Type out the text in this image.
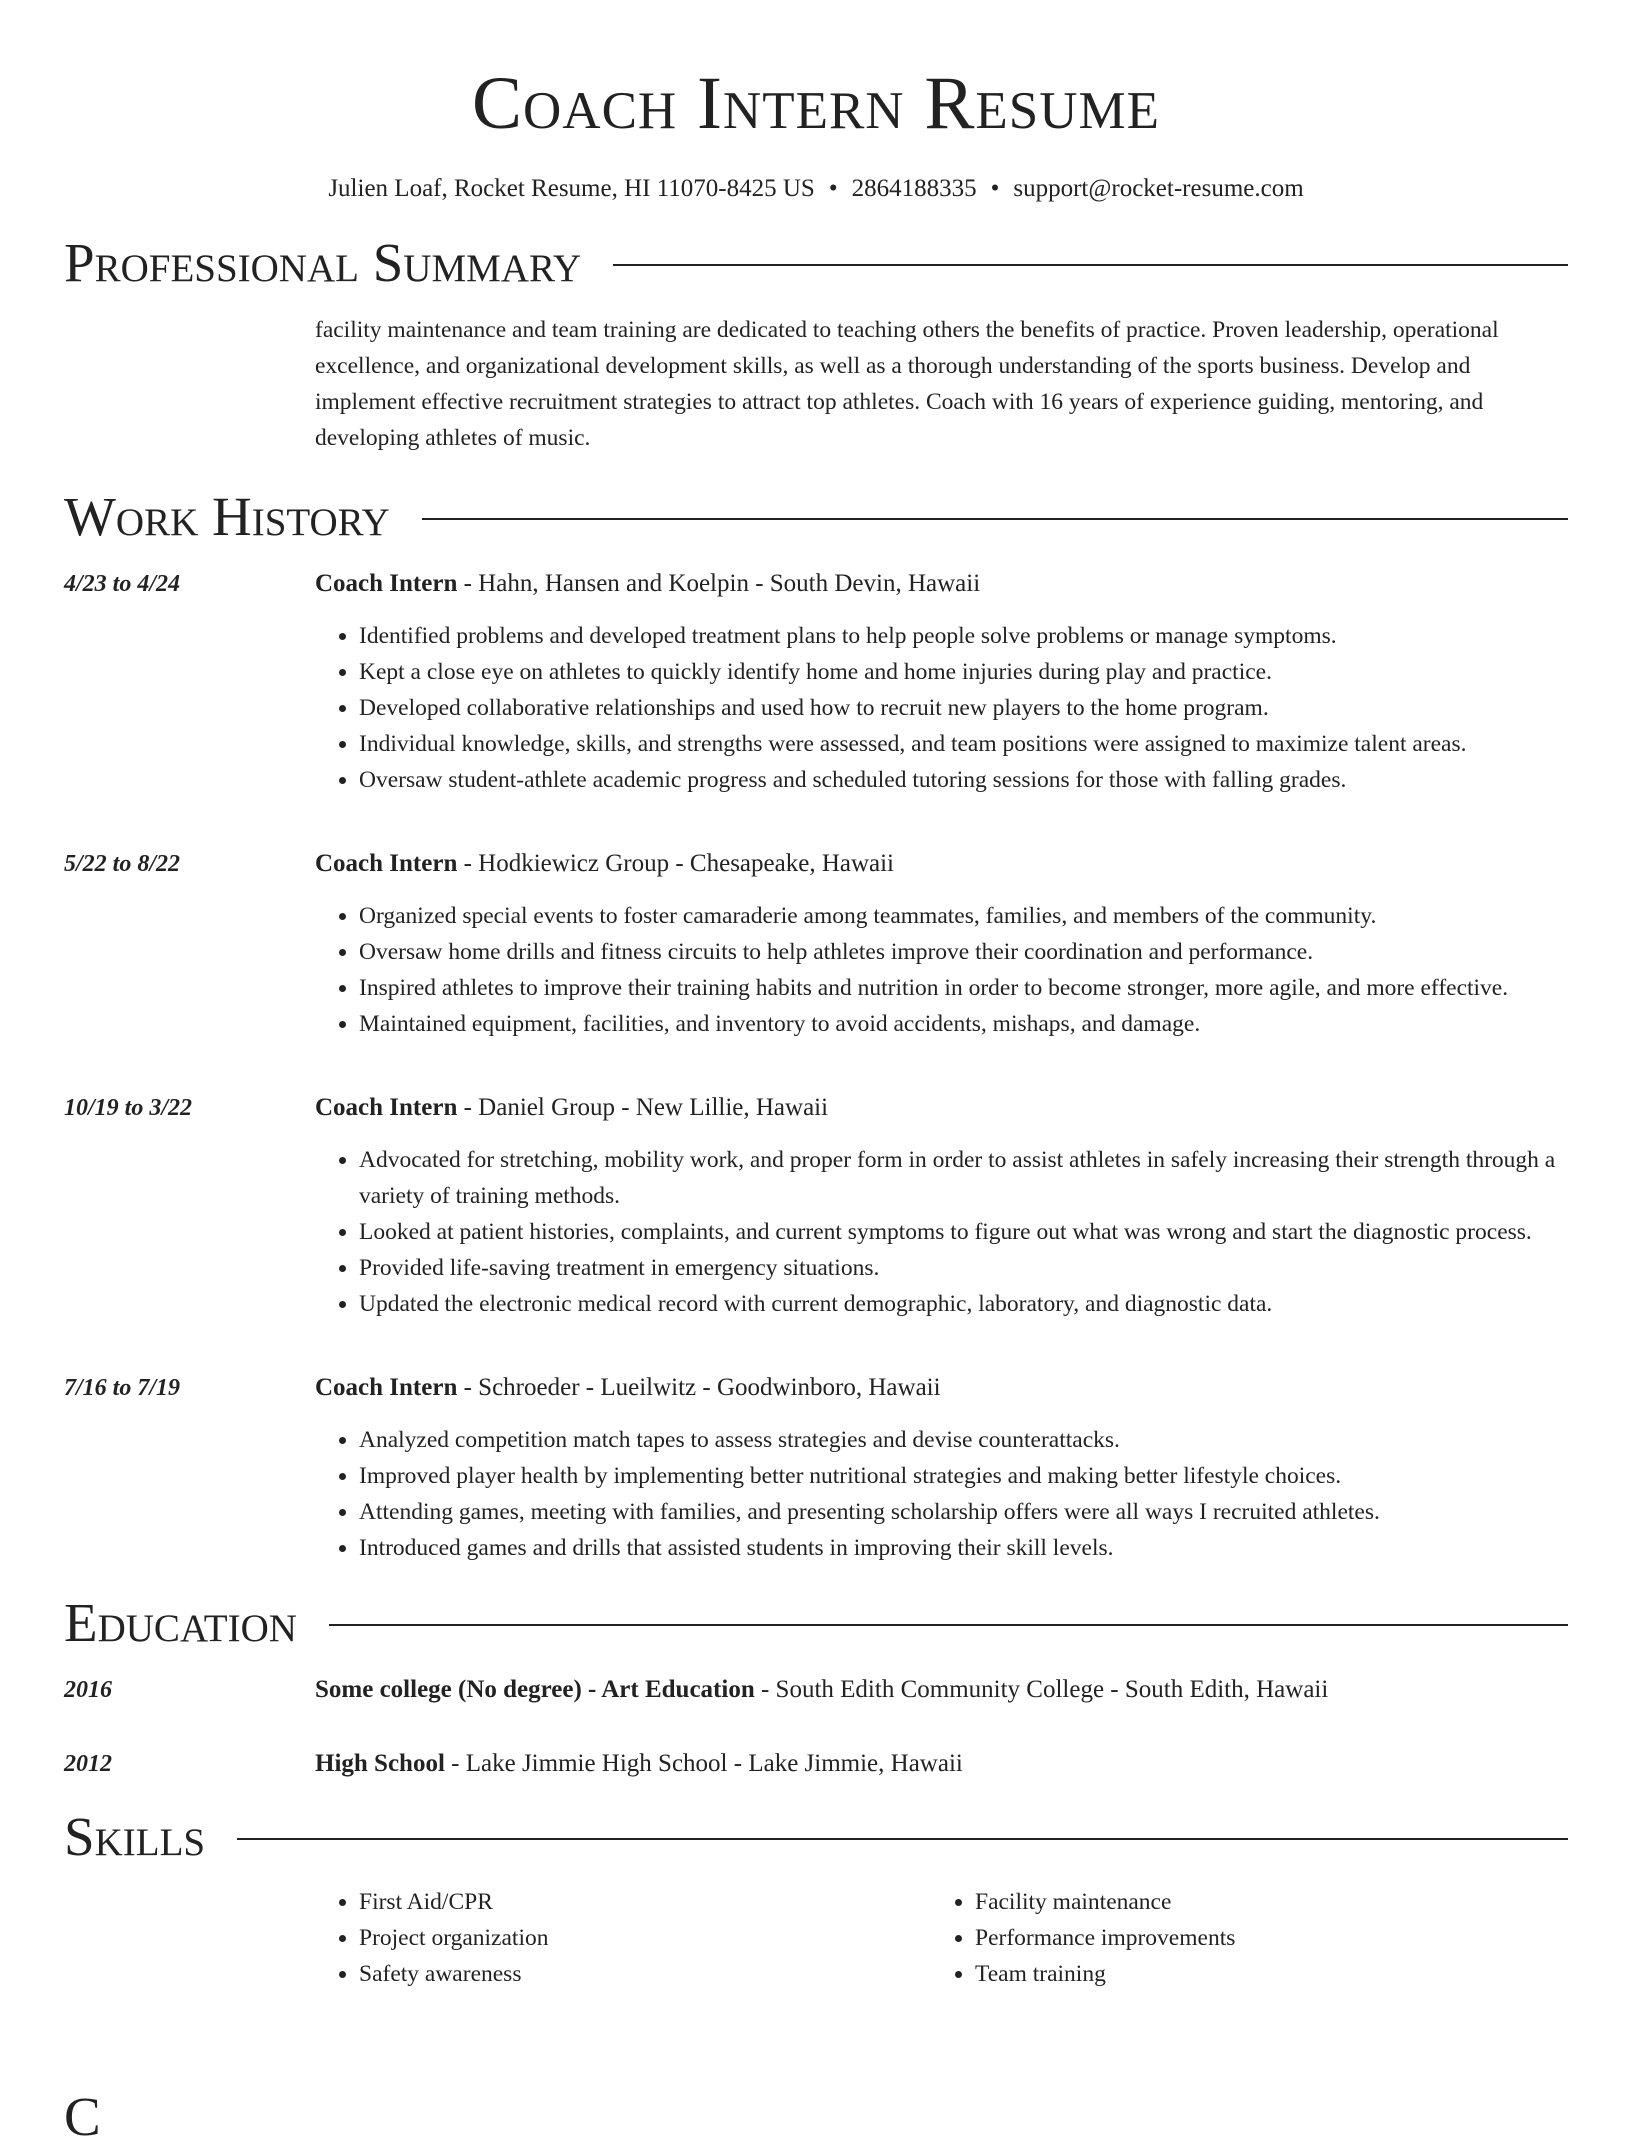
Coach Intern Resume
Julien Loaf, Rocket Resume, HI 11070-8425 US • 2864188335 • support@rocket-resume.com
Professional Summary
facility maintenance and team training are dedicated to teaching others the benefits of practice. Proven leadership, operational excellence, and organizational development skills, as well as a thorough understanding of the sports business. Develop and implement effective recruitment strategies to attract top athletes. Coach with 16 years of experience guiding, mentoring, and developing athletes of music.
Work History
4/23 to 4/24	Coach Intern - Hahn, Hansen and Koelpin - South Devin, Hawaii
• Identified problems and developed treatment plans to help people solve problems or manage symptoms.
• Kept a close eye on athletes to quickly identify home and home injuries during play and practice.
• Developed collaborative relationships and used how to recruit new players to the home program.
• Individual knowledge, skills, and strengths were assessed, and team positions were assigned to maximize talent areas.
• Oversaw student-athlete academic progress and scheduled tutoring sessions for those with falling grades.
5/22 to 8/22	Coach Intern - Hodkiewicz Group - Chesapeake, Hawaii
• Organized special events to foster camaraderie among teammates, families, and members of the community.
• Oversaw home drills and fitness circuits to help athletes improve their coordination and performance.
• Inspired athletes to improve their training habits and nutrition in order to become stronger, more agile, and more effective.
• Maintained equipment, facilities, and inventory to avoid accidents, mishaps, and damage.
10/19 to 3/22	Coach Intern - Daniel Group - New Lillie, Hawaii
• Advocated for stretching, mobility work, and proper form in order to assist athletes in safely increasing their strength through a variety of training methods.
• Looked at patient histories, complaints, and current symptoms to figure out what was wrong and start the diagnostic process.
• Provided life-saving treatment in emergency situations.
• Updated the electronic medical record with current demographic, laboratory, and diagnostic data.
7/16 to 7/19	Coach Intern - Schroeder - Lueilwitz - Goodwinboro, Hawaii
• Analyzed competition match tapes to assess strategies and devise counterattacks.
• Improved player health by implementing better nutritional strategies and making better lifestyle choices.
• Attending games, meeting with families, and presenting scholarship offers were all ways I recruited athletes.
• Introduced games and drills that assisted students in improving their skill levels.
Education
2016	Some college (No degree) - Art Education - South Edith Community College - South Edith, Hawaii
2012	High School - Lake Jimmie High School - Lake Jimmie, Hawaii
Skills
• First Aid/CPR
• Project organization
• Safety awareness
• Facility maintenance
• Performance improvements
• Team training
C
